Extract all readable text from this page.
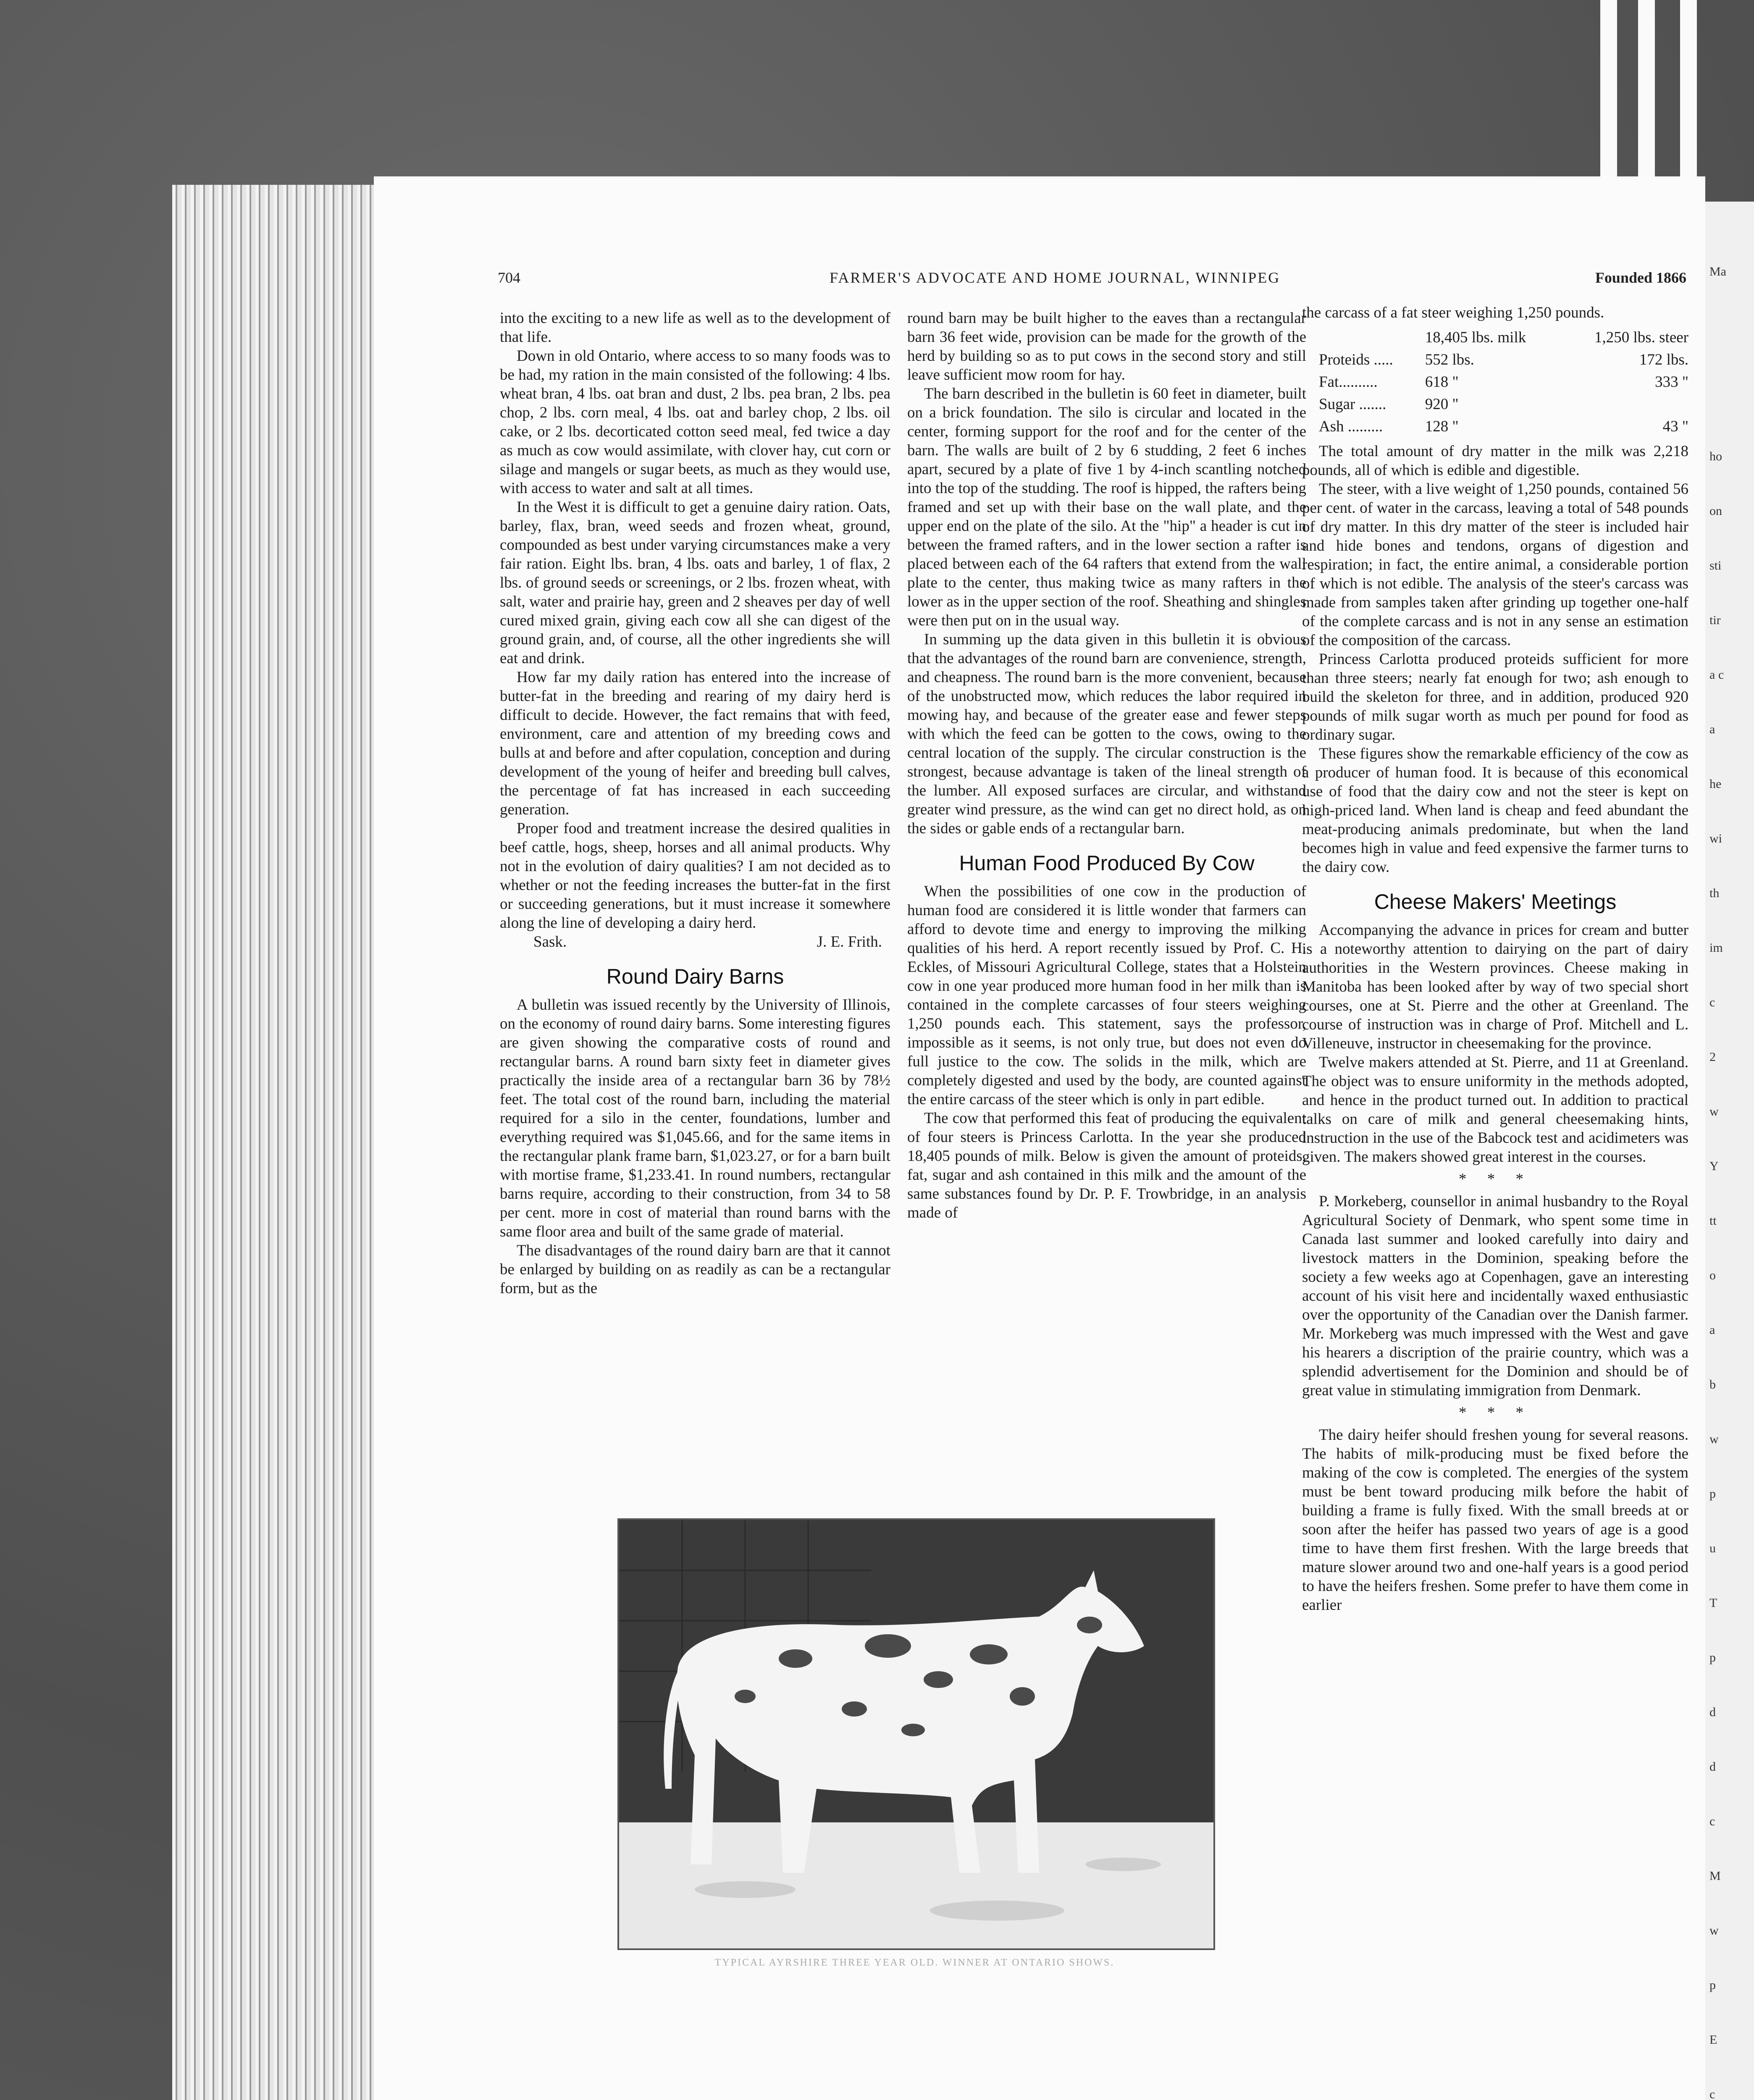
Ma
ho
on
sti
tir
a c
a
he
wi
th
im
c
2
w
Y
tt
o
a
b
w
p
u
T
p
d
d
c
M
w
p
E
c
704	FARMER'S ADVOCATE AND HOME JOURNAL, WINNIPEG	Founded 1866

into the exciting to a new life as well as to the development of that life.

Down in old Ontario, where access to so many foods was to be had, my ration in the main consisted of the following: 4 lbs. wheat bran, 4 lbs. oat bran and dust, 2 lbs. pea bran, 2 lbs. pea chop, 2 lbs. corn meal, 4 lbs. oat and barley chop, 2 lbs. oil cake, or 2 lbs. decorticated cotton seed meal, fed twice a day as much as cow would assimilate, with clover hay, cut corn or silage and mangels or sugar beets, as much as they would use, with access to water and salt at all times.

In the West it is difficult to get a genuine dairy ration. Oats, barley, flax, bran, weed seeds and frozen wheat, ground, compounded as best under varying circumstances make a very fair ration. Eight lbs. bran, 4 lbs. oats and barley, 1 of flax, 2 lbs. of ground seeds or screenings, or 2 lbs. frozen wheat, with salt, water and prairie hay, green and 2 sheaves per day of well cured mixed grain, giving each cow all she can digest of the ground grain, and, of course, all the other ingredients she will eat and drink.

How far my daily ration has entered into the increase of butter-fat in the breeding and rearing of my dairy herd is difficult to decide. However, the fact remains that with feed, environment, care and attention of my breeding cows and bulls at and before and after copulation, conception and during development of the young of heifer and breeding bull calves, the percentage of fat has increased in each succeeding generation.

Proper food and treatment increase the desired qualities in beef cattle, hogs, sheep, horses and all animal products. Why not in the evolution of dairy qualities? I am not decided as to whether or not the feeding increases the butter-fat in the first or succeeding generations, but it must increase it somewhere along the line of developing a dairy herd.

Sask.	J. E. Frith.
Round Dairy Barns

A bulletin was issued recently by the University of Illinois, on the economy of round dairy barns. Some interesting figures are given showing the comparative costs of round and rectangular barns. A round barn sixty feet in diameter gives practically the inside area of a rectangular barn 36 by 78½ feet. The total cost of the round barn, including the material required for a silo in the center, foundations, lumber and everything required was $1,045.66, and for the same items in the rectangular plank frame barn, $1,023.27, or for a barn built with mortise frame, $1,233.41. In round numbers, rectangular barns require, according to their construction, from 34 to 58 per cent. more in cost of material than round barns with the same floor area and built of the same grade of material.

The disadvantages of the round dairy barn are that it cannot be enlarged by building on as readily as can be a rectangular form, but as the

round barn may be built higher to the eaves than a rectangular barn 36 feet wide, provision can be made for the growth of the herd by building so as to put cows in the second story and still leave sufficient mow room for hay.

The barn described in the bulletin is 60 feet in diameter, built on a brick foundation. The silo is circular and located in the center, forming support for the roof and for the center of the barn. The walls are built of 2 by 6 studding, 2 feet 6 inches apart, secured by a plate of five 1 by 4-inch scantling notched into the top of the studding. The roof is hipped, the rafters being framed and set up with their base on the wall plate, and the upper end on the plate of the silo. At the "hip" a header is cut in between the framed rafters, and in the lower section a rafter is placed between each of the 64 rafters that extend from the wall plate to the center, thus making twice as many rafters in the lower as in the upper section of the roof. Sheathing and shingles were then put on in the usual way.

In summing up the data given in this bulletin it is obvious that the advantages of the round barn are convenience, strength, and cheapness. The round barn is the more convenient, because of the unobstructed mow, which reduces the labor required in mowing hay, and because of the greater ease and fewer steps with which the feed can be gotten to the cows, owing to the central location of the supply. The circular construction is the strongest, because advantage is taken of the lineal strength of the lumber. All exposed surfaces are circular, and withstand greater wind pressure, as the wind can get no direct hold, as on the sides or gable ends of a rectangular barn.

Human Food Produced By Cow

When the possibilities of one cow in the production of human food are considered it is little wonder that farmers can afford to devote time and energy to improving the milking qualities of his herd. A report recently issued by Prof. C. H. Eckles, of Missouri Agricultural College, states that a Holstein cow in one year produced more human food in her milk than is contained in the complete carcasses of four steers weighing 1,250 pounds each. This statement, says the professor, impossible as it seems, is not only true, but does not even do full justice to the cow. The solids in the milk, which are completely digested and used by the body, are counted against the entire carcass of the steer which is only in part edible.

The cow that performed this feat of producing the equivalent of four steers is Princess Carlotta. In the year she produced 18,405 pounds of milk. Below is given the amount of proteids, fat, sugar and ash contained in this milk and the amount of the same substances found by Dr. P. F. Trowbridge, in an analysis made of

the carcass of a fat steer weighing 1,250 pounds.

	18,405 lbs. milk	1,250 lbs. steer
Proteids .....	552 lbs.	172 lbs.
Fat..........	618 "	333 "
Sugar .......	920 "	
Ash .........	128 "	43 "

The total amount of dry matter in the milk was 2,218 pounds, all of which is edible and digestible.

The steer, with a live weight of 1,250 pounds, contained 56 per cent. of water in the carcass, leaving a total of 548 pounds of dry matter. In this dry matter of the steer is included hair and hide bones and tendons, organs of digestion and respiration; in fact, the entire animal, a considerable portion of which is not edible. The analysis of the steer's carcass was made from samples taken after grinding up together one-half of the complete carcass and is not in any sense an estimation of the composition of the carcass.

Princess Carlotta produced proteids sufficient for more than three steers; nearly fat enough for two; ash enough to build the skeleton for three, and in addition, produced 920 pounds of milk sugar worth as much per pound for food as ordinary sugar.

These figures show the remarkable efficiency of the cow as a producer of human food. It is because of this economical use of food that the dairy cow and not the steer is kept on high-priced land. When land is cheap and feed abundant the meat-producing animals predominate, but when the land becomes high in value and feed expensive the farmer turns to the dairy cow.

Cheese Makers' Meetings

Accompanying the advance in prices for cream and butter is a noteworthy attention to dairying on the part of dairy authorities in the Western provinces. Cheese making in Manitoba has been looked after by way of two special short courses, one at St. Pierre and the other at Greenland. The course of instruction was in charge of Prof. Mitchell and L. Villeneuve, instructor in cheesemaking for the province.

Twelve makers attended at St. Pierre, and 11 at Greenland. The object was to ensure uniformity in the methods adopted, and hence in the product turned out. In addition to practical talks on care of milk and general cheesemaking hints, instruction in the use of the Babcock test and acidimeters was given. The makers showed great interest in the courses.

* * *

P. Morkeberg, counsellor in animal husbandry to the Royal Agricultural Society of Denmark, who spent some time in Canada last summer and looked carefully into dairy and livestock matters in the Dominion, speaking before the society a few weeks ago at Copenhagen, gave an interesting account of his visit here and incidentally waxed enthusiastic over the opportunity of the Canadian over the Danish farmer. Mr. Morkeberg was much impressed with the West and gave his hearers a discription of the prairie country, which was a splendid advertisement for the Dominion and should be of great value in stimulating immigration from Denmark.

* * *

The dairy heifer should freshen young for several reasons. The habits of milk-producing must be fixed before the making of the cow is completed. The energies of the system must be bent toward producing milk before the habit of building a frame is fully fixed. With the small breeds at or soon after the heifer has passed two years of age is a good time to have them first freshen. With the large breeds that mature slower around two and one-half years is a good period to have the heifers freshen. Some prefer to have them come in earlier

TYPICAL AYRSHIRE THREE YEAR OLD. WINNER AT ONTARIO SHOWS.
